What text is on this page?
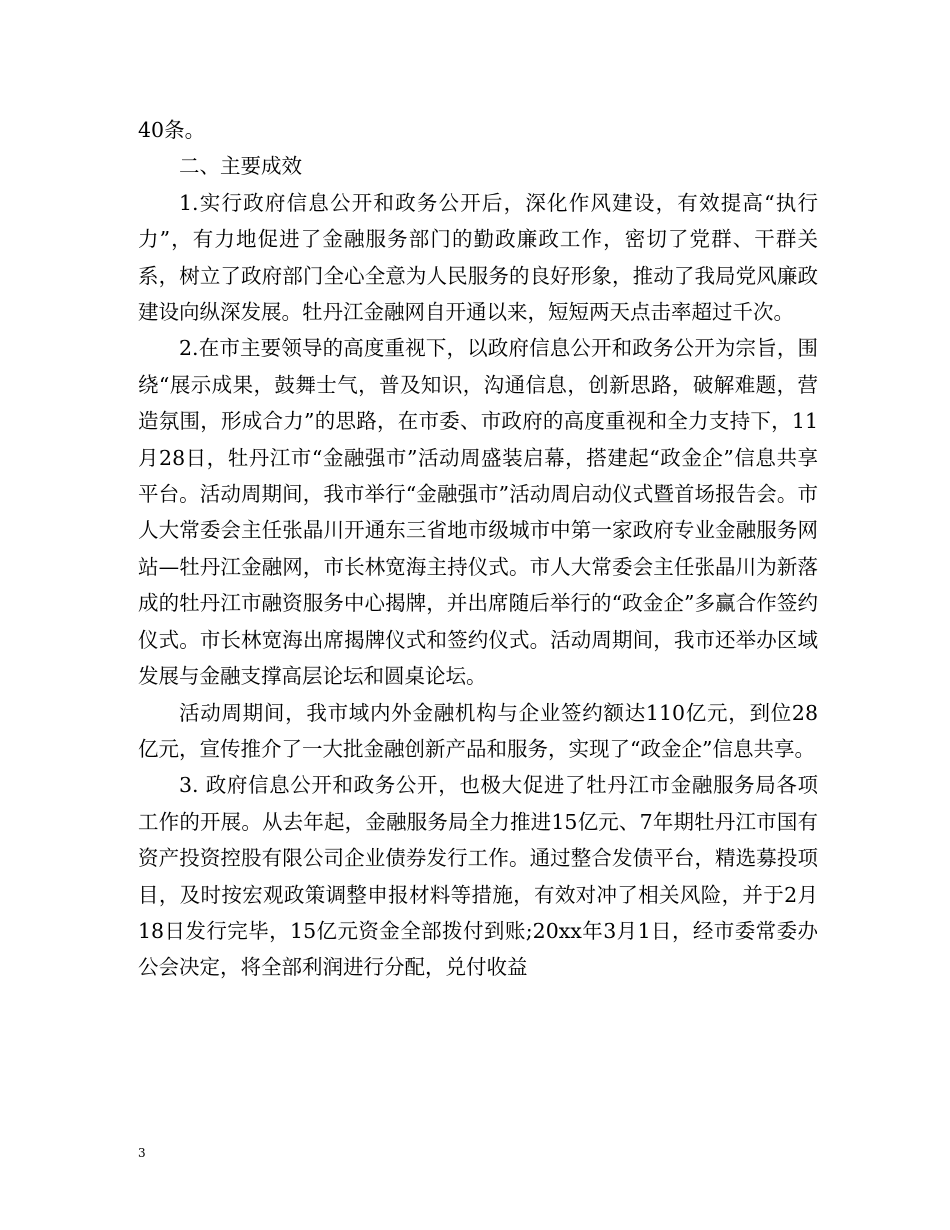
40条。

二、主要成效

1.实行政府信息公开和政务公开后，深化作风建设，有效提高“执行力”，有力地促进了金融服务部门的勤政廉政工作，密切了党群、干群关系，树立了政府部门全心全意为人民服务的良好形象，推动了我局党风廉政建设向纵深发展。牡丹江金融网自开通以来，短短两天点击率超过千次。

2.在市主要领导的高度重视下，以政府信息公开和政务公开为宗旨，围绕“展示成果，鼓舞士气，普及知识，沟通信息，创新思路，破解难题，营造氛围，形成合力”的思路，在市委、市政府的高度重视和全力支持下，11月28日，牡丹江市“金融强市”活动周盛装启幕，搭建起“政金企”信息共享平台。活动周期间，我市举行“金融强市”活动周启动仪式暨首场报告会。市人大常委会主任张晶川开通东三省地市级城市中第一家政府专业金融服务网站—牡丹江金融网，市长林宽海主持仪式。市人大常委会主任张晶川为新落成的牡丹江市融资服务中心揭牌，并出席随后举行的“政金企”多赢合作签约仪式。市长林宽海出席揭牌仪式和签约仪式。活动周期间，我市还举办区域发展与金融支撑高层论坛和圆桌论坛。

活动周期间，我市域内外金融机构与企业签约额达110亿元，到位28亿元，宣传推介了一大批金融创新产品和服务，实现了“政金企”信息共享。

3. 政府信息公开和政务公开，也极大促进了牡丹江市金融服务局各项工作的开展。从去年起，金融服务局全力推进15亿元、7年期牡丹江市国有资产投资控股有限公司企业债券发行工作。通过整合发债平台，精选募投项目，及时按宏观政策调整申报材料等措施，有效对冲了相关风险，并于2月18日发行完毕，15亿元资金全部拨付到账;20xx年3月1日，经市委常委办公会决定，将全部利润进行分配，兑付收益

3
